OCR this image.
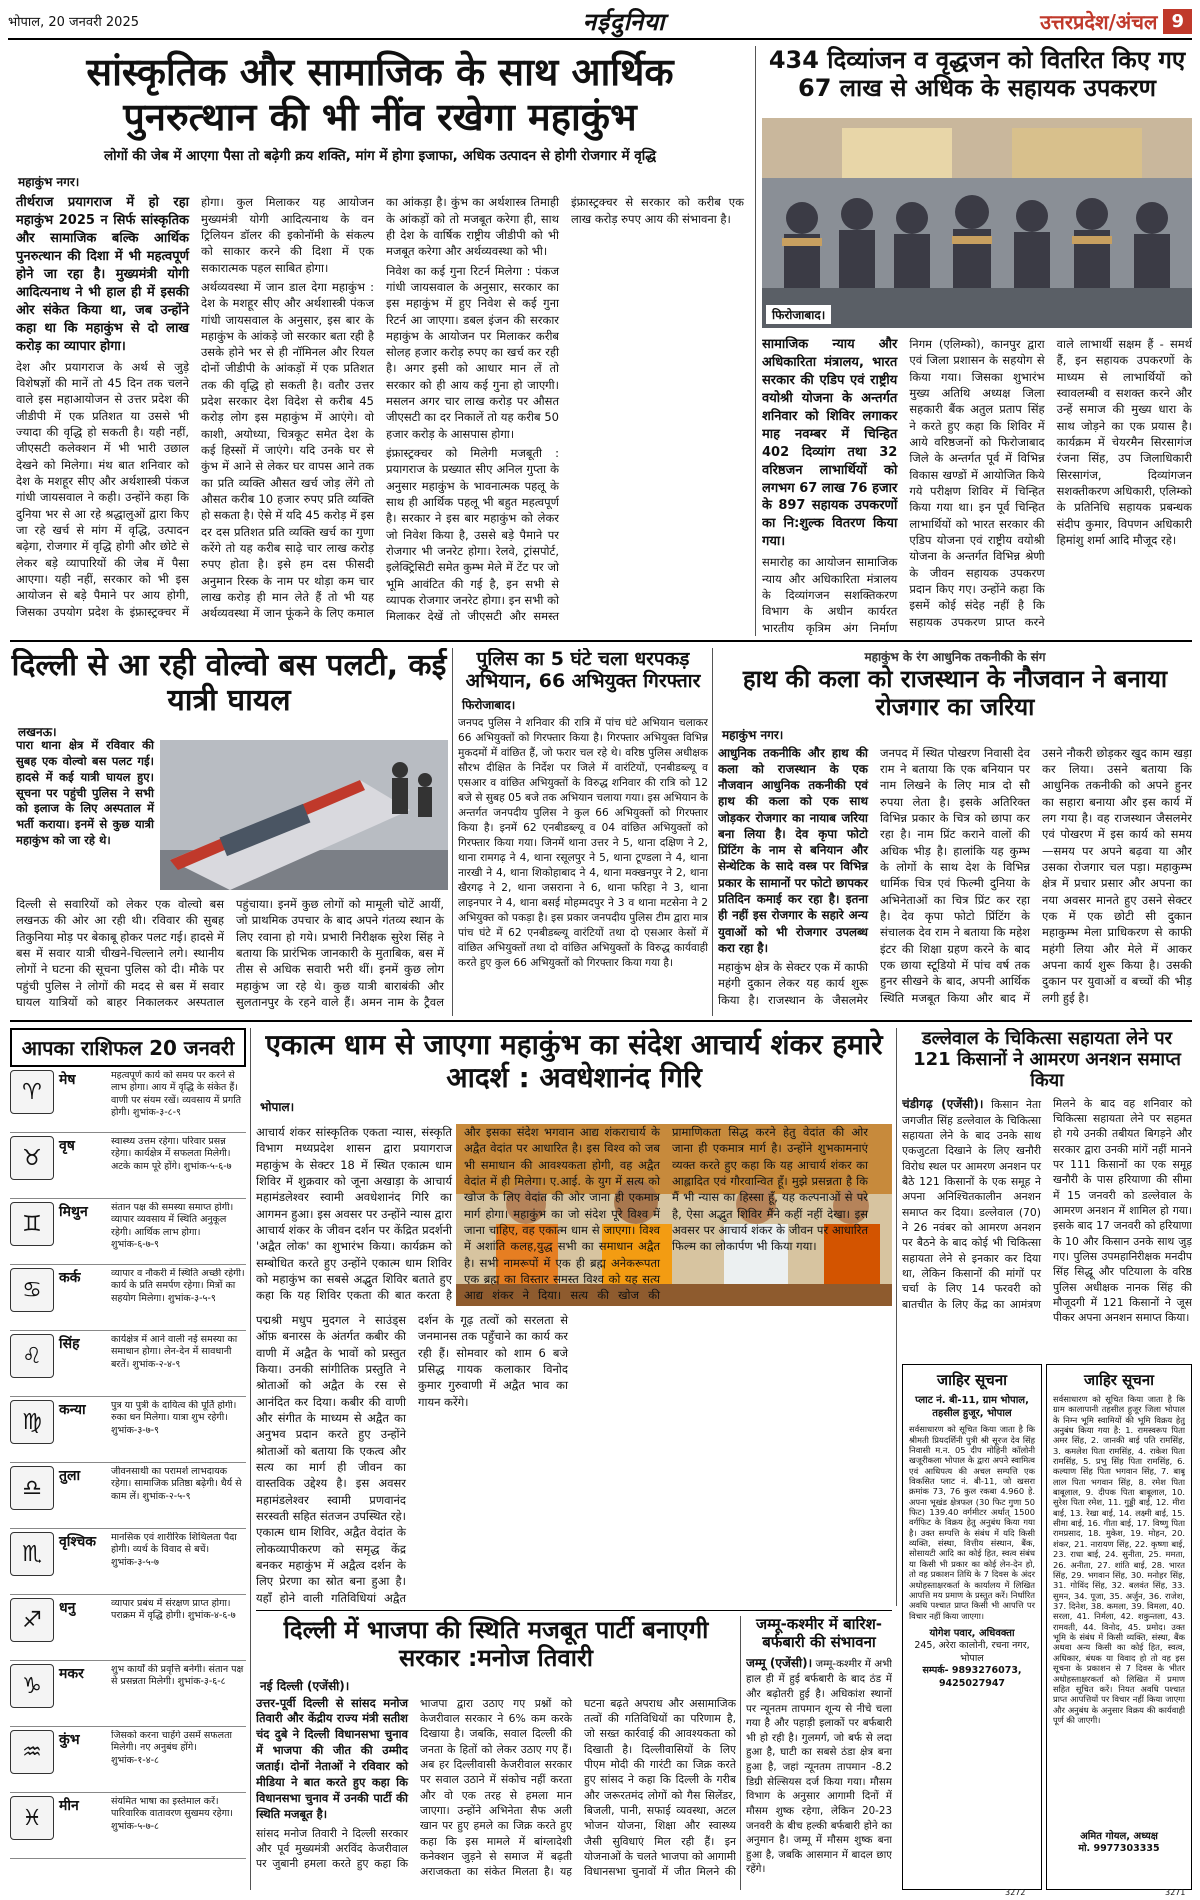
भोपाल, 20 जनवरी 2025	नईदुनिया	उत्तरप्रदेश/अंचल 9
सांस्कृतिक और सामाजिक के साथ आर्थिक पुनरुत्थान की भी नींव रखेगा महाकुंभ
लोगों की जेब में आएगा पैसा तो बढ़ेगी क्रय शक्ति, मांग में होगा इजाफा, अधिक उत्पादन से होगी रोजगार में वृद्धि
महाकुंभ नगर।

तीर्थराज प्रयागराज में हो रहा महाकुंभ 2025 न सिर्फ सांस्कृतिक और सामाजिक बल्कि आर्थिक पुनरुत्थान की दिशा में भी महत्वपूर्ण होने जा रहा है। मुख्यमंत्री योगी आदित्यनाथ ने भी हाल ही में इसकी ओर संकेत किया था, जब उन्होंने कहा था कि महाकुंभ से दो लाख करोड़ का व्यापार होगा।

देश और प्रयागराज के अर्थ से जुड़े विशेषज्ञों की मानें तो 45 दिन तक चलने वाले इस महाआयोजन से उत्तर प्रदेश की जीडीपी में एक प्रतिशत या उससे भी ज्यादा की वृद्धि हो सकती है। यही नहीं, जीएसटी कलेक्शन में भी भारी उछाल देखने को मिलेगा। मंथ बात शनिवार को देश के मशहूर सीए और अर्थशास्त्री पंकज गांधी जायसवाल ने कही। उन्होंने कहा कि दुनिया भर से आ रहे श्रद्धालुओं द्वारा किए जा रहे खर्च से मांग में वृद्धि, उत्पादन बढ़ेगा, रोजगार में वृद्धि होगी और छोटे से लेकर बड़े व्यापारियों की जेब में पैसा आएगा। यही नहीं, सरकार को भी इस आयोजन से बड़े पैमाने पर आय होगी, जिसका उपयोग प्रदेश के इंफ्रास्ट्रक्चर में होगा। कुल मिलाकर यह आयोजन मुख्यमंत्री योगी आदित्यनाथ के वन ट्रिलियन डॉलर की इकोनॉमी के संकल्प को साकार करने की दिशा में एक सकारात्मक पहल साबित होगा।

अर्थव्यवस्था में जान डाल देगा महाकुंभ : देश के मशहूर सीए और अर्थशास्त्री पंकज गांधी जायसवाल के अनुसार, इस बार के महाकुंभ के आंकड़े जो सरकार बता रही है उसके होने भर से ही नॉमिनल और रियल दोनों जीडीपी के आंकड़ों में एक प्रतिशत तक की वृद्धि हो सकती है। वतौर उत्तर प्रदेश सरकार देश विदेश से करीब 45 करोड़ लोग इस महाकुंभ में आएंगे। वो काशी, अयोध्या, चित्रकूट समेत देश के कई हिस्सों में जाएंगे। यदि उनके घर से कुंभ में आने से लेकर घर वापस आने तक का प्रति व्यक्ति औसत खर्च जोड़ लेंगे तो औसत करीब 10 हजार रुपए प्रति व्यक्ति हो सकता है। ऐसे में यदि 45 करोड़ में इस दर दस प्रतिशत प्रति व्यक्ति खर्च का गुणा करेंगे तो यह करीब साढ़े चार लाख करोड़ रुपए होता है। इसे हम दस फीसदी अनुमान रिस्क के नाम पर थोड़ा कम चार लाख करोड़ ही मान लेते हैं तो भी यह अर्थव्यवस्था में जान फूंकने के लिए कमाल का आंकड़ा है। कुंभ का अर्थशास्त्र तिमाही के आंकड़ों को तो मजबूत करेगा ही, साथ ही देश के वार्षिक राष्ट्रीय जीडीपी को भी मजबूत करेगा और अर्थव्यवस्था को भी।

निवेश का कई गुना रिटर्न मिलेगा : पंकज गांधी जायसवाल के अनुसार, सरकार का इस महाकुंभ में हुए निवेश से कई गुना रिटर्न आ जाएगा। डबल इंजन की सरकार महाकुंभ के आयोजन पर मिलाकर करीब सोलह हजार करोड़ रुपए का खर्च कर रही है। अगर इसी को आधार मान लें तो सरकार को ही आय कई गुना हो जाएगी। मसलन अगर चार लाख करोड़ पर औसत जीएसटी का दर निकालें तो यह करीब 50 हजार करोड़ के आसपास होगा।

इंफ्रास्ट्रक्चर को मिलेगी मजबूती : प्रयागराज के प्रख्यात सीए अनिल गुप्ता के अनुसार महाकुंभ के भावनात्मक पहलू के साथ ही आर्थिक पहलू भी बहुत महत्वपूर्ण है। सरकार ने इस बार महाकुंभ को लेकर जो निवेश किया है, उससे बड़े पैमाने पर रोजगार भी जनरेट होगा। रेलवे, ट्रांसपोर्ट, इलेक्ट्रिसिटी समेत कुम्भ मेले में टेंट पर जो भूमि आवंटित की गई है, इन सभी से व्यापक रोजगार जनरेट होगा। इन सभी को मिलाकर देखें तो जीएसटी और समस्त इंफ्रास्ट्रक्चर से सरकार को करीब एक लाख करोड़ रुपए आय की संभावना है।

434 दिव्यांजन व वृद्धजन को वितरित किए गए 67 लाख से अधिक के सहायक उपकरण
फिरोजाबाद।

सामाजिक न्याय और अधिकारिता मंत्रालय, भारत सरकार की एडिप एवं राष्ट्रीय वयोश्री योजना के अन्तर्गत शनिवार को शिविर लगाकर माह नवम्बर में चिन्हित 402 दिव्यांग तथा 32 वरिष्ठजन लाभार्थियों को लगभग 67 लाख 76 हजार के 897 सहायक उपकरणों का नि:शुल्क वितरण किया गया।

समारोह का आयोजन सामाजिक न्याय और अधिकारिता मंत्रालय के दिव्यांगजन सशक्तिकरण विभाग के अधीन कार्यरत भारतीय कृत्रिम अंग निर्माण निगम (एलिम्को), कानपुर द्वारा एवं जिला प्रशासन के सहयोग से किया गया। जिसका शुभारंभ मुख्य अतिथि अध्यक्ष जिला सहकारी बैंक अतुल प्रताप सिंह ने करते हुए कहा कि शिविर में आये वरिष्ठजनों को फिरोजाबाद जिले के अन्तर्गत पूर्व में विभिन्न विकास खण्डों में आयोजित किये गये परीक्षण शिविर में चिन्हित किया गया था। इन पूर्व चिन्हित लाभार्थियों को भारत सरकार की एडिप योजना एवं राष्ट्रीय वयोश्री योजना के अन्तर्गत विभिन्न श्रेणी के जीवन सहायक उपकरण प्रदान किए गए। उन्होंने कहा कि इसमें कोई संदेह नहीं है कि सहायक उपकरण प्राप्त करने वाले लाभार्थी सक्षम हैं - समर्थ हैं, इन सहायक उपकरणों के माध्यम से लाभार्थियों को स्वावलम्बी व सशक्त करने और उन्हें समाज की मुख्य धारा के साथ जोड़ने का एक प्रयास है। कार्यक्रम में चेयरमैन सिरसागंज रंजना सिंह, उप जिलाधिकारी सिरसागंज, दिव्यांगजन सशक्तीकरण अधिकारी, एलिम्को के प्रतिनिधि सहायक प्रबन्धक संदीप कुमार, विपणन अधिकारी हिमांशु शर्मा आदि मौजूद रहे।

दिल्ली से आ रही वोल्वो बस पलटी, कई यात्री घायल
लखनऊ।

पारा थाना क्षेत्र में रविवार की सुबह एक वोल्वो बस पलट गई। हादसे में कई यात्री घायल हुए। सूचना पर पहुंची पुलिस ने सभी को इलाज के लिए अस्पताल में भर्ती कराया। इनमें से कुछ यात्री महाकुंभ को जा रहे थे।

दिल्ली से सवारियों को लेकर एक वोल्वो बस लखनऊ की ओर आ रही थी। रविवार की सुबह तिकुनिया मोड़ पर बेकाबू होकर पलट गई। हादसे में बस में सवार यात्री चीखने-चिल्लाने लगे। स्थानीय लोगों ने घटना की सूचना पुलिस को दी। मौके पर पहुंची पुलिस ने लोगों की मदद से बस में सवार घायल यात्रियों को बाहर निकालकर अस्पताल पहुंचाया। इनमें कुछ लोगों को मामूली चोटें आयीं, जो प्राथमिक उपचार के बाद अपने गंतव्य स्थान के लिए रवाना हो गये। प्रभारी निरीक्षक सुरेश सिंह ने बताया कि प्रारंभिक जानकारी के मुताबिक, बस में तीस से अधिक सवारी भरी थीं। इनमें कुछ लोग महाकुंभ जा रहे थे। कुछ यात्री बाराबंकी और सुलतानपुर के रहने वाले हैं। अमन नाम के ट्रैवल

पुलिस का 5 घंटे चला धरपकड़ अभियान, 66 अभियुक्त गिरफ्तार
फिरोजाबाद।

जनपद पुलिस ने शनिवार की रात्रि में पांच घंटे अभियान चलाकर 66 अभियुक्तों को गिरफ्तार किया है। गिरफ्तार अभियुक्त विभिन्न मुकदमों में वांछित हैं, जो फरार चल रहे थे। वरिष्ठ पुलिस अधीक्षक सौरभ दीक्षित के निर्देश पर जिले में वारंटियों, एनबीडब्ल्यू व एसआर व वांछित अभियुक्तों के विरुद्ध शनिवार की रात्रि को 12 बजे से सुबह 05 बजे तक अभियान चलाया गया। इस अभियान के अन्तर्गत जनपदीय पुलिस ने कुल 66 अभियुक्तों को गिरफ्तार किया है। इनमें 62 एनबीडब्ल्यू व 04 वांछित अभियुक्तों को गिरफ्तार किया गया। जिनमें थाना उत्तर ने 5, थाना दक्षिण ने 2, थाना रामगढ़ ने 4, थाना रसूलपुर ने 5, थाना टूण्डला ने 4, थाना नारखी ने 4, थाना शिकोहाबाद ने 4, थाना मक्खनपुर ने 2, थाना खैरगढ़ ने 2, थाना जसराना ने 6, थाना फरिहा ने 3, थाना लाइनपार ने 4, थाना बसई मोहम्मदपुर ने 3 व थाना मटसेना ने 2 अभियुक्त को पकड़ा है। इस प्रकार जनपदीय पुलिस टीम द्वारा मात्र पांच घंटे में 62 एनबीडब्ल्यू वारंटियों तथा दो एसआर केसों में वांछित अभियुक्तों तथा दो वांछित अभियुक्तों के विरुद्ध कार्यवाही करते हुए कुल 66 अभियुक्तों को गिरफ्तार किया गया है।

महाकुंभ के रंग आधुनिक तकनीकी के संग
हाथ की कला को राजस्थान के नौजवान ने बनाया रोजगार का जरिया
महाकुंभ नगर।

आधुनिक तकनीकि और हाथ की कला को राजस्थान के एक नौजवान आधुनिक तकनीकी एवं हाथ की कला को एक साथ जोड़कर रोजगार का नायाब जरिया बना लिया है। देव कृपा फोटो प्रिंटिंग के नाम से बनियान और सेन्थेटिक के सादे वस्त्र पर विभिन्न प्रकार के सामानों पर फोटो छापकर प्रतिदिन कमाई कर रहा है। इतना ही नहीं इस रोजगार के सहारे अन्य युवाओं को भी रोजगार उपलब्ध करा रहा है।

महाकुंभ क्षेत्र के सेक्टर एक में काफी महंगी दुकान लेकर यह कार्य शुरू किया है। राजस्थान के जैसलमेर जनपद में स्थित पोखरण निवासी देव राम ने बताया कि एक बनियान पर नाम लिखने के लिए मात्र दो सौ रुपया लेता है। इसके अतिरिक्त विभिन्न प्रकार के चित्र को छापा कर रहा है। नाम प्रिंट कराने वालों की अधिक भीड़ है। हालांकि यह कुम्भ के लोगों के साथ देश के विभिन्न धार्मिक चित्र एवं फिल्मी दुनिया के अभिनेताओं का चित्र प्रिंट कर रहा है। देव कृपा फोटो प्रिंटिंग के संचालक देव राम ने बताया कि महेश इंटर की शिक्षा ग्रहण करने के बाद एक छाया स्टूडियो में पांच वर्ष तक हुनर सीखने के बाद, अपनी आर्थिक स्थिति मजबूत किया और बाद में उसने नौकरी छोड़कर खुद काम खड़ा कर लिया। उसने बताया कि आधुनिक तकनीकी को अपने हुनर का सहारा बनाया और इस कार्य में लग गया है। वह राजस्थान जैसलमेर एवं पोखरण में इस कार्य को समय—समय पर अपने बढ़वा या और उसका रोजगार चल पड़ा। महाकुम्भ क्षेत्र में प्रचार प्रसार और अपना का नया अवसर मानते हुए उसने सेक्टर एक में एक छोटी सी दुकान महाकुम्भ मेला प्राधिकरण से काफी महंगी लिया और मेले में आकर अपना कार्य शुरू किया है। उसकी दुकान पर युवाओं व बच्चों की भीड़ लगी हुई है।

आपका राशिफल 20 जनवरी
♈	मेष	महत्वपूर्ण कार्य को समय पर करने से लाभ होगा। आय में वृद्धि के संकेत हैं। वाणी पर संयम रखें। व्यवसाय में प्रगति होगी। शुभांक-३-८-९
♉	वृष	स्वास्थ्य उत्तम रहेगा। परिवार प्रसन्न रहेगा। कार्यक्षेत्र में सफलता मिलेगी। अटके काम पूरे होंगे। शुभांक-५-६-७
♊	मिथुन	संतान पक्ष की समस्या समाप्त होगी। व्यापार व्यवसाय में स्थिति अनुकूल रहेगी। आर्थिक लाभ होगा। शुभांक-६-७-९
♋	कर्क	व्यापार व नौकरी में स्थिति अच्छी रहेगी। कार्य के प्रति समर्पण रहेगा। मित्रों का सहयोग मिलेगा। शुभांक-३-५-९
♌	सिंह	कार्यक्षेत्र में आने वाली नई समस्या का समाधान होगा। लेन-देन में सावधानी बरतें। शुभांक-२-४-९
♍	कन्या	पुत्र या पुत्री के दायित्व की पूर्ति होगी। रुका धन मिलेगा। यात्रा शुभ रहेगी। शुभांक-३-७-९
♎	तुला	जीवनसाथी का परामर्श लाभदायक रहेगा। सामाजिक प्रतिष्ठा बढ़ेगी। धैर्य से काम लें। शुभांक-२-५-९
♏	वृश्चिक	मानसिक एवं शारीरिक शिथिलता पैदा होगी। व्यर्थ के विवाद से बचें। शुभांक-३-५-७
♐	धनु	व्यापार प्रबंध में संरक्षण प्राप्त होगा। पराक्रम में वृद्धि होगी। शुभांक-४-६-७
♑	मकर	शुभ कार्यों की प्रवृत्ति बनेगी। संतान पक्ष से प्रसन्नता मिलेगी। शुभांक-३-६-८
♒	कुंभ	जिसको करना चाहेंगे उसमें सफलता मिलेगी। नए अनुबंध होंगे। शुभांक-१-४-८
♓	मीन	संयमित भाषा का इस्तेमाल करें। पारिवारिक वातावरण सुखमय रहेगा। शुभांक-५-७-८
एकात्म धाम से जाएगा महाकुंभ का संदेश आचार्य शंकर हमारे आदर्श : अवधेशानंद गिरि
भोपाल।

आचार्य शंकर सांस्कृतिक एकता न्यास, संस्कृति विभाग मध्यप्रदेश शासन द्वारा प्रयागराज महाकुंभ के सेक्टर 18 में स्थित एकात्म धाम शिविर में शुक्रवार को जूना अखाड़ा के आचार्य महामंडलेश्वर स्वामी अवधेशानंद गिरि का आगमन हुआ। इस अवसर पर उन्होंने न्यास द्वारा आचार्य शंकर के जीवन दर्शन पर केंद्रित प्रदर्शनी 'अद्वैत लोक' का शुभारंभ किया। कार्यक्रम को सम्बोधित करते हुए उन्होंने एकात्म धाम शिविर को महाकुंभ का सबसे अद्भुत शिविर बताते हुए कहा कि यह शिविर एकता की बात करता है और इसका संदेश भगवान आद्य शंकराचार्य के अद्वैत वेदांत पर आधारित है। इस विश्व को जब भी समाधान की आवश्यकता होगी, वह अद्वैत वेदांत में ही मिलेगा। ए.आई. के युग में सत्य को खोज के लिए वेदांत की ओर जाना ही एकमात्र मार्ग होगा। महाकुंभ का जो संदेश पूरे विश्व में जाना चाहिए, वह एकात्म धाम से जाएगा। विश्व में अशांति कलह,युद्ध सभी का समाधान अद्वैत है। सभी नामरूपों में एक ही ब्रह्म अनेकरूपता एक ब्रह्म का विस्तार समस्त विश्व को यह सत्य आद्य शंकर ने दिया। सत्य की खोज की प्रामाणिकता सिद्ध करने हेतु वेदांत की ओर जाना ही एकमात्र मार्ग है। उन्होंने शुभकामनाएं व्यक्त करते हुए कहा कि यह आचार्य शंकर का आह्लादित एवं गौरवान्वित हूँ। मुझे प्रसन्नता है कि मैं भी न्यास का हिस्सा हूँ, यह कल्पनाओं से परे है, ऐसा अद्भुत शिविर मैंने कहीं नहीं देखा। इस अवसर पर आचार्य शंकर के जीवन पर आधारित फिल्म का लोकार्पण भी किया गया।

पद्मश्री मधुप मुदगल ने साउंड्स ऑफ़ बनारस के अंतर्गत कबीर की वाणी में अद्वैत के भावों को प्रस्तुत किया। उनकी सांगीतिक प्रस्तुति ने श्रोताओं को अद्वैत के रस से आनंदित कर दिया। कबीर की वाणी और संगीत के माध्यम से अद्वैत का अनुभव प्रदान करते हुए उन्होंने श्रोताओं को बताया कि एकत्व और सत्य का मार्ग ही जीवन का वास्तविक उद्देश्य है। इस अवसर महामंडलेश्वर स्वामी प्रणवानंद सरस्वती सहित संतजन उपस्थित रहे। एकात्म धाम शिविर, अद्वैत वेदांत के लोकव्यापीकरण को समृद्ध केंद्र बनकर महाकुंभ में अद्वैत्व दर्शन के लिए प्रेरणा का स्रोत बना हुआ है। यहाँ होने वाली गतिविधियां अद्वैत दर्शन के गूढ़ तत्वों को सरलता से जनमानस तक पहुँचाने का कार्य कर रही हैं। सोमवार को शाम 6 बजे प्रसिद्ध गायक कलाकार विनोद कुमार गुरुवाणी में अद्वैत भाव का गायन करेंगे।

डल्लेवाल के चिकित्सा सहायता लेने पर 121 किसानों ने आमरण अनशन समाप्त किया

चंडीगढ़ (एजेंसी)। किसान नेता जगजीत सिंह डल्लेवाल के चिकित्सा सहायता लेने के बाद उनके साथ एकजुटता दिखाने के लिए खनौरी विरोध स्थल पर आमरण अनशन पर बैठे 121 किसानों के एक समूह ने अपना अनिश्चितकालीन अनशन समाप्त कर दिया। डल्लेवाल (70) ने 26 नवंबर को आमरण अनशन पर बैठने के बाद कोई भी चिकित्सा सहायता लेने से इनकार कर दिया था, लेकिन किसानों की मांगों पर चर्चा के लिए 14 फरवरी को बातचीत के लिए केंद्र का आमंत्रण मिलने के बाद वह शनिवार को चिकित्सा सहायता लेने पर सहमत हो गये उनकी तबीयत बिगड़ने और सरकार द्वारा उनकी मांगें नहीं मानने पर 111 किसानों का एक समूह खनौरी के पास हरियाणा की सीमा में 15 जनवरी को डल्लेवाल के आमरण अनशन में शामिल हो गया। इसके बाद 17 जनवरी को हरियाणा के 10 और किसान उनके साथ जुड़ गए। पुलिस उपमहानिरीक्षक मनदीप सिंह सिद्धू और पटियाला के वरिष्ठ पुलिस अधीक्षक नानक सिंह की मौजूदगी में 121 किसानों ने जूस पीकर अपना अनशन समाप्त किया।

दिल्ली में भाजपा की स्थिति मजबूत पार्टी बनाएगी सरकार :मनोज तिवारी
नई दिल्ली (एजेंसी)।

उत्तर-पूर्वी दिल्ली से सांसद मनोज तिवारी और केंद्रीय राज्य मंत्री सतीश चंद दुबे ने दिल्ली विधानसभा चुनाव में भाजपा की जीत की उम्मीद जताई। दोनों नेताओं ने रविवार को मीडिया ने बात करते हुए कहा कि विधानसभा चुनाव में उनकी पार्टी की स्थिति मजबूत है।

सांसद मनोज तिवारी ने दिल्ली सरकार और पूर्व मुख्यमंत्री अरविंद केजरीवाल पर जुबानी हमला करते हुए कहा कि भाजपा द्वारा उठाए गए प्रश्नों को केजरीवाल सरकार ने 6% कम करके दिखाया है। जबकि, सवाल दिल्ली की जनता के हितों को लेकर उठाए गए हैं। अब हर दिल्लीवासी केजरीवाल सरकार पर सवाल उठाने में संकोच नहीं करता और वो एक तरह से हमला मान जाएगा। उन्होंने अभिनेता सैफ अली खान पर हुए हमले का जिक्र करते हुए कहा कि इस मामले में बांग्लादेशी कनेक्शन जुड़ने से समाज में बढ़ती अराजकता का संकेत मिलता है। यह घटना बढ़ते अपराध और असामाजिक तत्वों की गतिविधियों का परिणाम है, जो सख्त कार्रवाई की आवश्यकता को दिखाती है। दिल्लीवासियों के लिए पीएम मोदी की गारंटी का जिक्र करते हुए सांसद ने कहा कि दिल्ली के गरीब और जरूरतमंद लोगों को गैस सिलेंडर, बिजली, पानी, सफाई व्यवस्था, अटल भोजन योजना, शिक्षा और स्वास्थ्य जैसी सुविधाएं मिल रही हैं। इन योजनाओं के चलते भाजपा को आगामी विधानसभा चुनावों में जीत मिलने की

जम्मू-कश्मीर में बारिश-बर्फबारी की संभावना

जम्मू (एजेंसी)। जम्मू-कश्मीर में अभी हाल ही में हुई बर्फबारी के बाद ठंड में और बढ़ोतरी हुई है। अधिकांश स्थानों पर न्यूनतम तापमान शून्य से नीचे चला गया है और पहाड़ी इलाकों पर बर्फबारी भी हो रही है। गुलमर्ग, जो बर्फ से लदा हुआ है, घाटी का सबसे ठंडा क्षेत्र बना हुआ है, जहां न्यूनतम तापमान -8.2 डिग्री सेल्सियस दर्ज किया गया। मौसम विभाग के अनुसार आगामी दिनों में मौसम शुष्क रहेगा, लेकिन 20-23 जनवरी के बीच हल्की बर्फबारी होने का अनुमान है। जम्मू में मौसम शुष्क बना हुआ है, जबकि आसमान में बादल छाए रहेंगे।

जाहिर सूचना
प्लाट नं. बी-11, ग्राम भोपाल, तहसील हुजूर, भोपाल
सर्वसाधारण को सूचित किया जाता है कि श्रीमती प्रियदर्शिनी पुत्री श्री सूरज देव सिंह निवासी म.न. 05 दीप मोहिनी कॉलोनी खजूरीकला भोपाल के द्वारा अपने स्वामित्व एवं आधिपत्य की अचल सम्पत्ति एक विकसित प्लाट नं. बी-11, जो खसरा क्रमांक 73, 76 कुल रकबा 4.960 हे. अपना भूखंड क्षेत्रफल (30 फिट गुणा 50 फिट) 139.40 वर्गमीटर अर्थात् 1500 वर्गफिट के विक्रय हेतु अनुबंध किया गया है। उक्त सम्पत्ति के संबंध में यदि किसी व्यक्ति, संस्था, वित्तीय संस्थान, बैंक, सोसायटी आदि का कोई हित, स्वत्व संबंध या किसी भी प्रकार का कोई लेन-देन हो, तो वह प्रकाशन तिथि के 7 दिवस के अंदर अधोहस्ताक्षरकर्ता के कार्यालय में लिखित आपत्ति मय प्रमाण के प्रस्तुत करें। निर्धारित अवधि पश्चात प्राप्त किसी भी आपत्ति पर विचार नहीं किया जाएगा।
योगेश पवार, अधिवक्ता
245, अरेरा कालोनी, रचना नगर, भोपाल
सम्पर्क- 9893276073, 9425027947
जाहिर सूचना
सर्वसाधारण को सूचित किया जाता है कि ग्राम कालापानी तहसील हुजूर जिला भोपाल के निम्न भूमि स्वामियों की भूमि विक्रय हेतु अनुबंध किया गया है: 1. रामस्वरूप पिता अमर सिंह, 2. जानकी बाई पति रामसिंह, 3. कमलेश पिता रामसिंह, 4. राकेश पिता रामसिंह, 5. प्रभु सिंह पिता रामसिंह, 6. कल्याण सिंह पिता भगवान सिंह, 7. बाबू लाल पिता भगवान सिंह, 8. रमेश पिता बाबूलाल, 9. दीपक पिता बाबूलाल, 10. सुरेश पिता रमेश, 11. गुड्डी बाई, 12. मीरा बाई, 13. रेखा बाई, 14. लक्ष्मी बाई, 15. सीमा बाई, 16. गीता बाई, 17. विष्णु पिता रामप्रसाद, 18. मुकेश, 19. मोहन, 20. शंकर, 21. नारायण सिंह, 22. कृष्णा बाई, 23. राधा बाई, 24. सुनीता, 25. ममता, 26. अनीता, 27. शांति बाई, 28. भारत सिंह, 29. भगवान सिंह, 30. मनोहर सिंह, 31. गोविंद सिंह, 32. बलवंत सिंह, 33. सुमन, 34. पूजा, 35. अर्जुन, 36. राजेश, 37. दिनेश, 38. कमला, 39. विमला, 40. सरला, 41. निर्मला, 42. शकुन्तला, 43. रामवती, 44. विनोद, 45. प्रमोद। उक्त भूमि के संबंध में किसी व्यक्ति, संस्था, बैंक अथवा अन्य किसी का कोई हित, स्वत्व, अधिकार, बंधक या विवाद हो तो वह इस सूचना के प्रकाशन से 7 दिवस के भीतर अधोहस्ताक्षरकर्ता को लिखित में प्रमाण सहित सूचित करें। नियत अवधि पश्चात प्राप्त आपत्तियों पर विचार नहीं किया जाएगा और अनुबंध के अनुसार विक्रय की कार्यवाही पूर्ण की जाएगी।
अमित गोयल, अध्यक्ष
मो. 9977303335
3272	3271
